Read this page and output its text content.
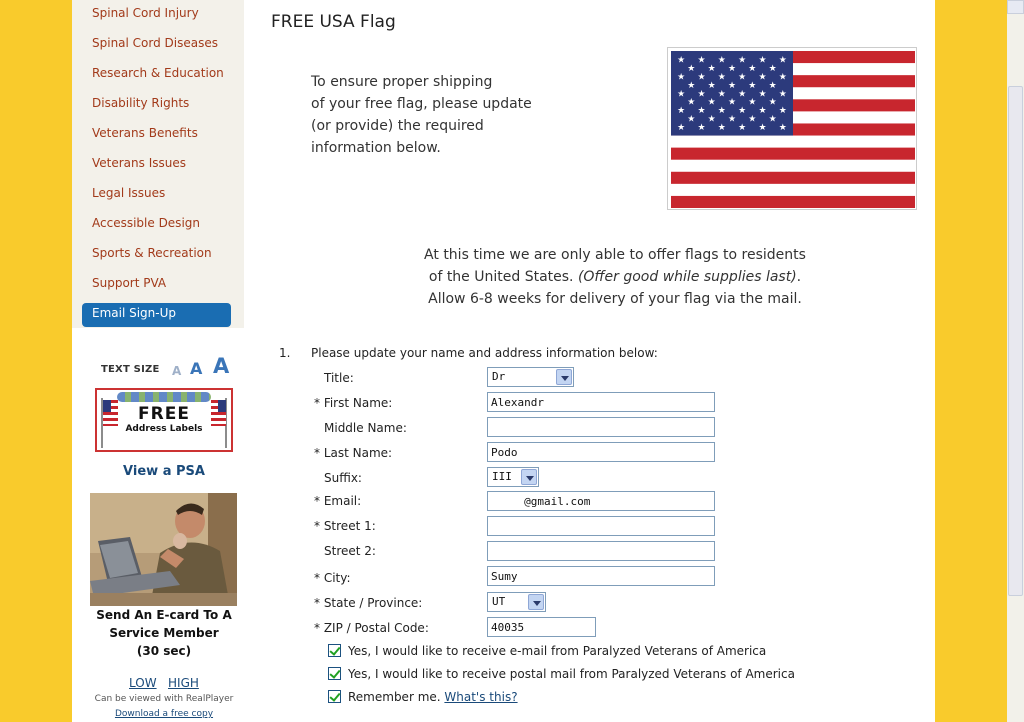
Spinal Cord Injury
Spinal Cord Diseases
Research & Education
Disability Rights
Veterans Benefits
Veterans Issues
Legal Issues
Accessible Design
Sports & Recreation
Support PVA
Email Sign-Up
TEXT SIZE A A A
FREE
Address Labels
View a PSA
Send An E-card To A
Service Member
(30 sec)
LOW HIGH
Can be viewed with RealPlayer
Download a free copy
FREE USA Flag
To ensure proper shipping
of your free flag, please update
(or provide) the required
information below.
★ ★ ★ ★ ★ ★
★ ★ ★ ★ ★
★ ★ ★ ★ ★ ★
★ ★ ★ ★ ★
★ ★ ★ ★ ★ ★
★ ★ ★ ★ ★
★ ★ ★ ★ ★ ★
★ ★ ★ ★ ★
★ ★ ★ ★ ★ ★
At this time we are only able to offer flags to residents
of the United States. (Offer good while supplies last).
Allow 6-8 weeks for delivery of your flag via the mail.
1. Please update your name and address information below:
Title:	Dr
* First Name:
Alexandr
Middle Name:
* Last Name:
Podo
Suffix:	III
* Email:
@gmail.com
* Street 1:
Street 2:
* City:
Sumy
* State / Province:	UT
* ZIP / Postal Code:
40035
Yes, I would like to receive e-mail from Paralyzed Veterans of America
Yes, I would like to receive postal mail from Paralyzed Veterans of America
Remember me. What's this?
